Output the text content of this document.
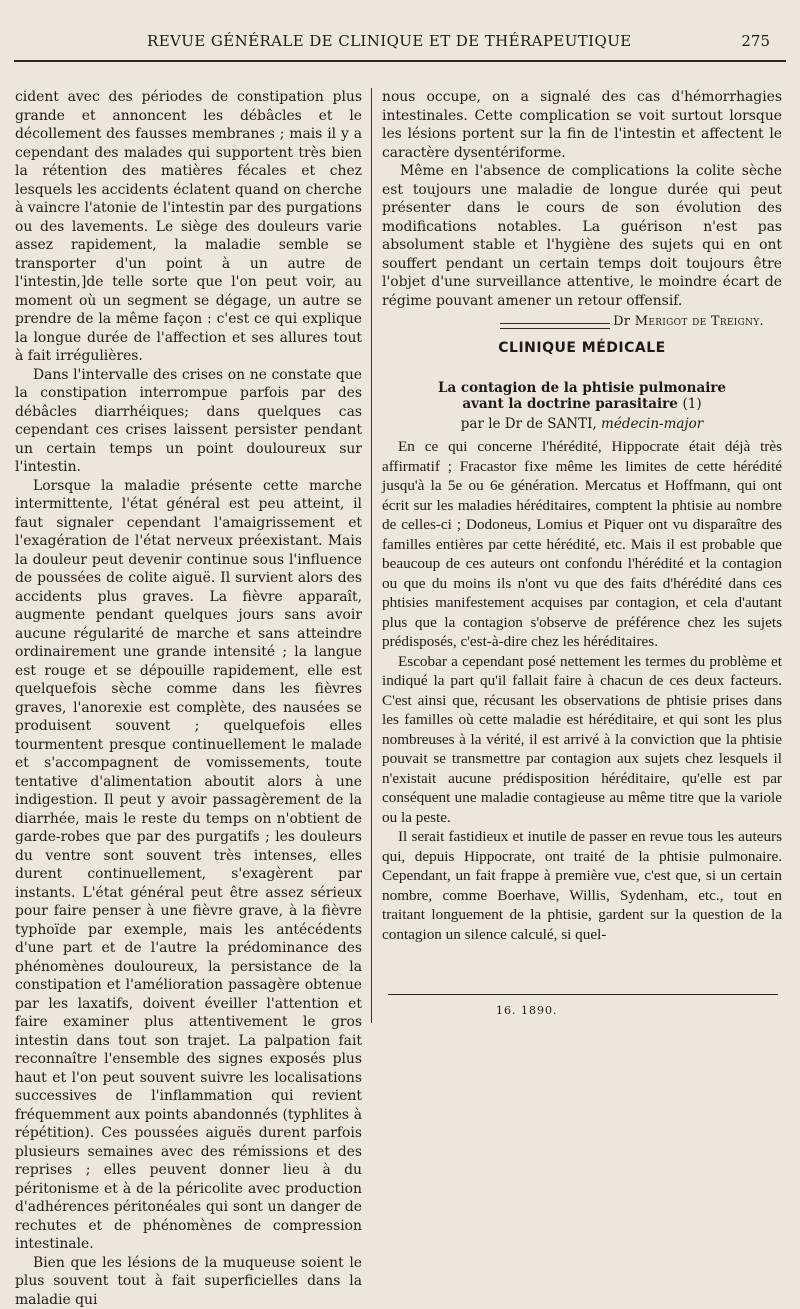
REVUE GÉNÉRALE DE CLINIQUE ET DE THÉRAPEUTIQUE	275

cident avec des périodes de constipation plus grande et annoncent les débâcles et le décollement des fausses membranes ; mais il y a cependant des malades qui supportent très bien la rétention des matières fécales et chez lesquels les accidents éclatent quand on cherche à vaincre l'atonie de l'intestin par des purgations ou des lavements. Le siège des douleurs varie assez rapidement, la maladie semble se transporter d'un point à un autre de l'intestin,]de telle sorte que l'on peut voir, au moment où un segment se dégage, un autre se prendre de la même façon : c'est ce qui explique la longue durée de l'affection et ses allures tout à fait irrégulières.

Dans l'intervalle des crises on ne constate que la constipation interrompue parfois par des débâcles diarrhéiques; dans quelques cas cependant ces crises laissent persister pendant un certain temps un point douloureux sur l'intestin.

Lorsque la maladie présente cette marche intermittente, l'état général est peu atteint, il faut signaler cependant l'amaigrissement et l'exagération de l'état nerveux préexistant. Mais la douleur peut devenir continue sous l'influence de poussées de colite aiguë. Il survient alors des accidents plus graves. La fièvre apparaît, augmente pendant quelques jours sans avoir aucune régularité de marche et sans atteindre ordinairement une grande intensité ; la langue est rouge et se dépouille rapidement, elle est quelquefois sèche comme dans les fièvres graves, l'anorexie est complète, des nausées se produisent souvent ; quelquefois elles tourmentent presque continuellement le malade et s'accompagnent de vomissements, toute tentative d'alimentation aboutit alors à une indigestion. Il peut y avoir passagèrement de la diarrhée, mais le reste du temps on n'obtient de garde-robes que par des purgatifs ; les douleurs du ventre sont souvent très intenses, elles durent continuellement, s'exagèrent par instants. L'état général peut être assez sérieux pour faire penser à une fièvre grave, à la fièvre typhoïde par exemple, mais les antécédents d'une part et de l'autre la prédominance des phénomènes douloureux, la persistance de la constipation et l'amélioration passagère obtenue par les laxatifs, doivent éveiller l'attention et faire examiner plus attentivement le gros intestin dans tout son trajet. La palpation fait reconnaître l'ensemble des signes exposés plus haut et l'on peut souvent suivre les localisations successives de l'inflammation qui revient fréquemment aux points abandonnés (typhlites à répétition). Ces poussées aiguës durent parfois plusieurs semaines avec des rémissions et des reprises ; elles peuvent donner lieu à du péritonisme et à de la péricolite avec production d'adhérences péritonéales qui sont un danger de rechutes et de phénomènes de compression intestinale.

Bien que les lésions de la muqueuse soient le plus souvent tout à fait superficielles dans la maladie qui

nous occupe, on a signalé des cas d'hémorrhagies intestinales. Cette complication se voit surtout lorsque les lésions portent sur la fin de l'intestin et affectent le caractère dysentériforme.

Même en l'absence de complications la colite sèche est toujours une maladie de longue durée qui peut présenter dans le cours de son évolution des modifications notables. La guérison n'est pas absolument stable et l'hygiène des sujets qui en ont souffert pendant un certain temps doit toujours être l'objet d'une surveillance attentive, le moindre écart de régime pouvant amener un retour offensif.

Dr Merigot de Treigny.

CLINIQUE MÉDICALE
La contagion de la phtisie pulmonaire
avant la doctrine parasitaire (1)
par le Dr de SANTI, médecin-major

En ce qui concerne l'hérédité, Hippocrate était déjà très affirmatif ; Fracastor fixe même les limites de cette hérédité jusqu'à la 5e ou 6e génération. Mercatus et Hoffmann, qui ont écrit sur les maladies héréditaires, comptent la phtisie au nombre de celles-ci ; Dodoneus, Lomius et Piquer ont vu disparaître des familles entières par cette hérédité, etc. Mais il est probable que beaucoup de ces auteurs ont confondu l'hérédité et la contagion ou que du moins ils n'ont vu que des faits d'hérédité dans ces phtisies manifestement acquises par contagion, et cela d'autant plus que la contagion s'observe de préférence chez les sujets prédisposés, c'est-à-dire chez les héréditaires.

Escobar a cependant posé nettement les termes du problème et indiqué la part qu'il fallait faire à chacun de ces deux facteurs. C'est ainsi que, récusant les observations de phtisie prises dans les familles où cette maladie est héréditaire, et qui sont les plus nombreuses à la vérité, il est arrivé à la conviction que la phtisie pouvait se transmettre par contagion aux sujets chez lesquels il n'existait aucune prédisposition héréditaire, qu'elle est par conséquent une maladie contagieuse au même titre que la variole ou la peste.

Il serait fastidieux et inutile de passer en revue tous les auteurs qui, depuis Hippocrate, ont traité de la phtisie pulmonaire. Cependant, un fait frappe à première vue, c'est que, si un certain nombre, comme Boerhave, Willis, Sydenham, etc., tout en traitant longuement de la phtisie, gardent sur la question de la contagion un silence calculé, si quel-

16. 1890.
